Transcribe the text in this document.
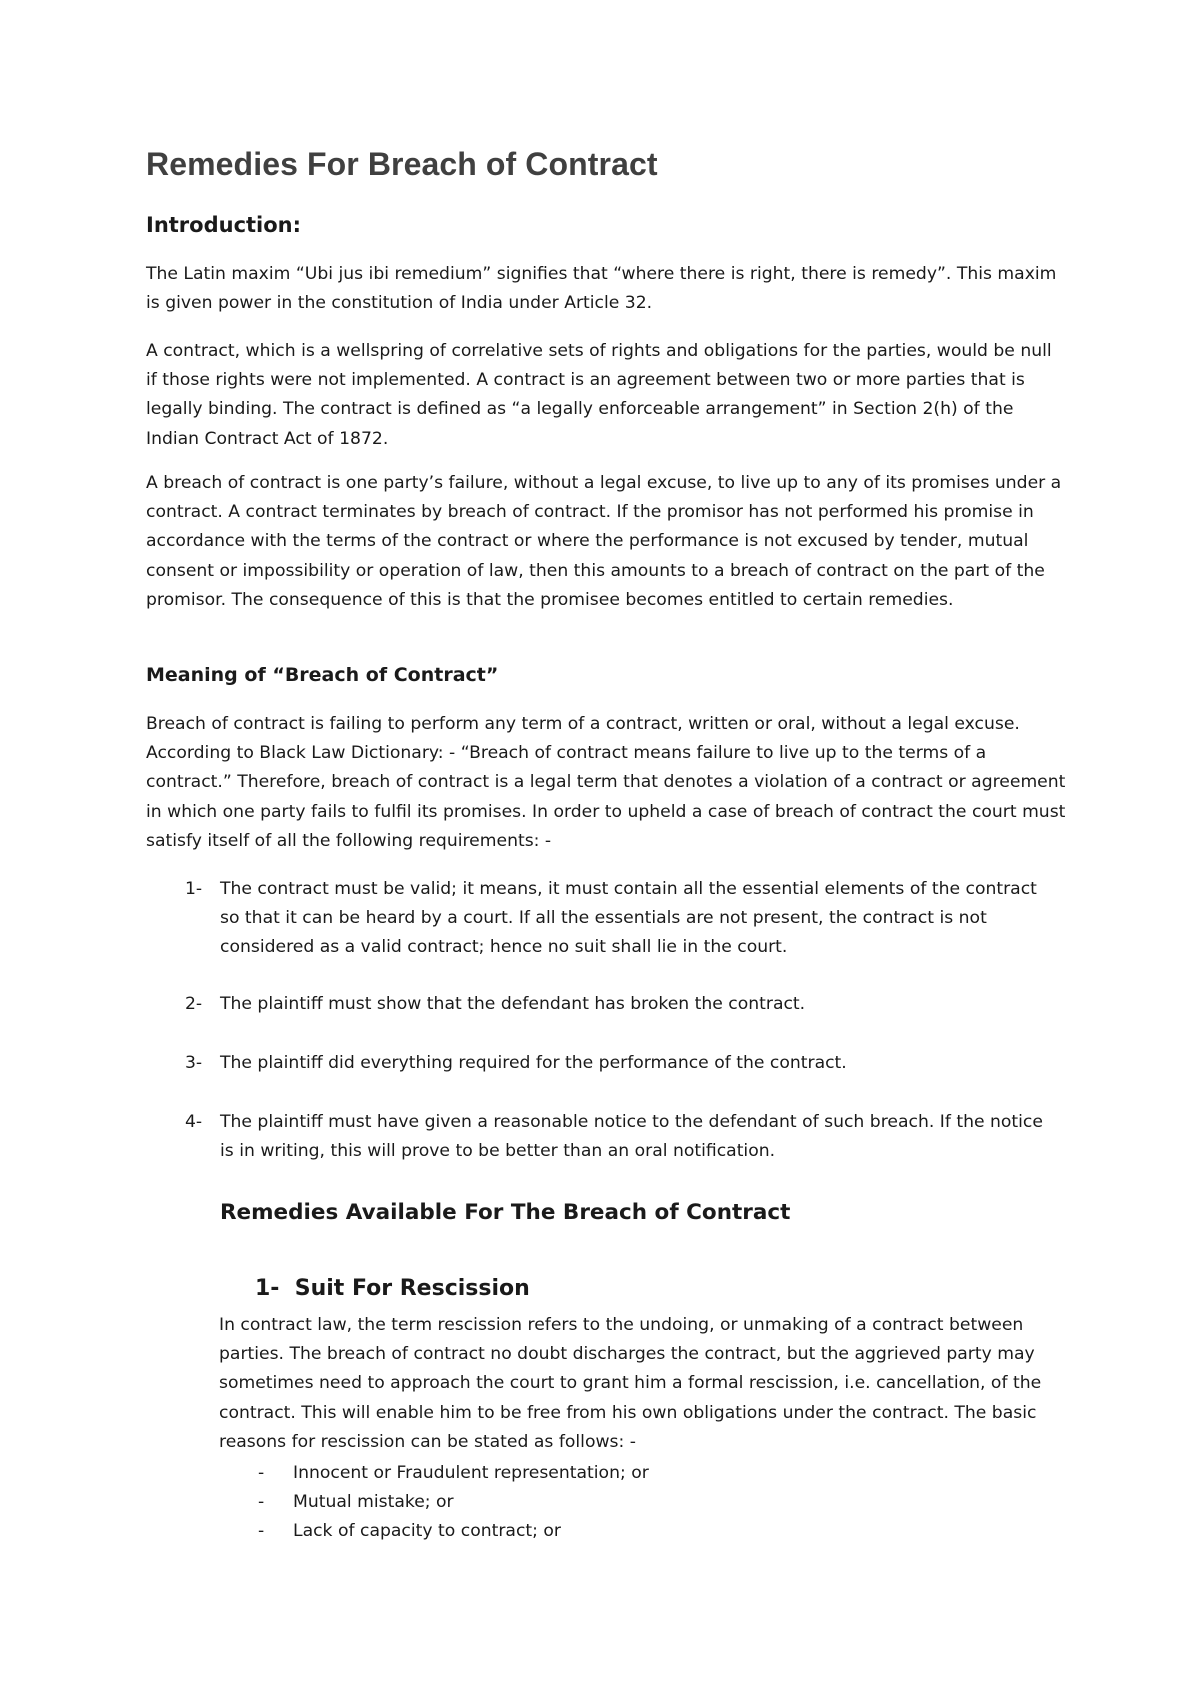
Remedies For Breach of Contract
Introduction:

The Latin maxim “Ubi jus ibi remedium” signifies that “where there is right, there is remedy”. This maxim is given power in the constitution of India under Article 32.

A contract, which is a wellspring of correlative sets of rights and obligations for the parties, would be null if those rights were not implemented. A contract is an agreement between two or more parties that is legally binding. The contract is defined as “a legally enforceable arrangement” in Section 2(h) of the Indian Contract Act of 1872.

A breach of contract is one party’s failure, without a legal excuse, to live up to any of its promises under a contract. A contract terminates by breach of contract. If the promisor has not performed his promise in accordance with the terms of the contract or where the performance is not excused by tender, mutual consent or impossibility or operation of law, then this amounts to a breach of contract on the part of the promisor. The consequence of this is that the promisee becomes entitled to certain remedies.

Meaning of “Breach of Contract”

Breach of contract is failing to perform any term of a contract, written or oral, without a legal excuse. According to Black Law Dictionary: - “Breach of contract means failure to live up to the terms of a contract.” Therefore, breach of contract is a legal term that denotes a violation of a contract or agreement in which one party fails to fulfil its promises. In order to upheld a case of breach of contract the court must satisfy itself of all the following requirements: -

1- The contract must be valid; it means, it must contain all the essential elements of the contract so that it can be heard by a court. If all the essentials are not present, the contract is not considered as a valid contract; hence no suit shall lie in the court.

2- The plaintiff must show that the defendant has broken the contract.

3- The plaintiff did everything required for the performance of the contract.

4- The plaintiff must have given a reasonable notice to the defendant of such breach. If the notice is in writing, this will prove to be better than an oral notification.

Remedies Available For The Breach of Contract
1-  Suit For Rescission

In contract law, the term rescission refers to the undoing, or unmaking of a contract between parties. The breach of contract no doubt discharges the contract, but the aggrieved party may sometimes need to approach the court to grant him a formal rescission, i.e. cancellation, of the contract. This will enable him to be free from his own obligations under the contract. The basic reasons for rescission can be stated as follows: -

- Innocent or Fraudulent representation; or
- Mutual mistake; or
- Lack of capacity to contract; or
